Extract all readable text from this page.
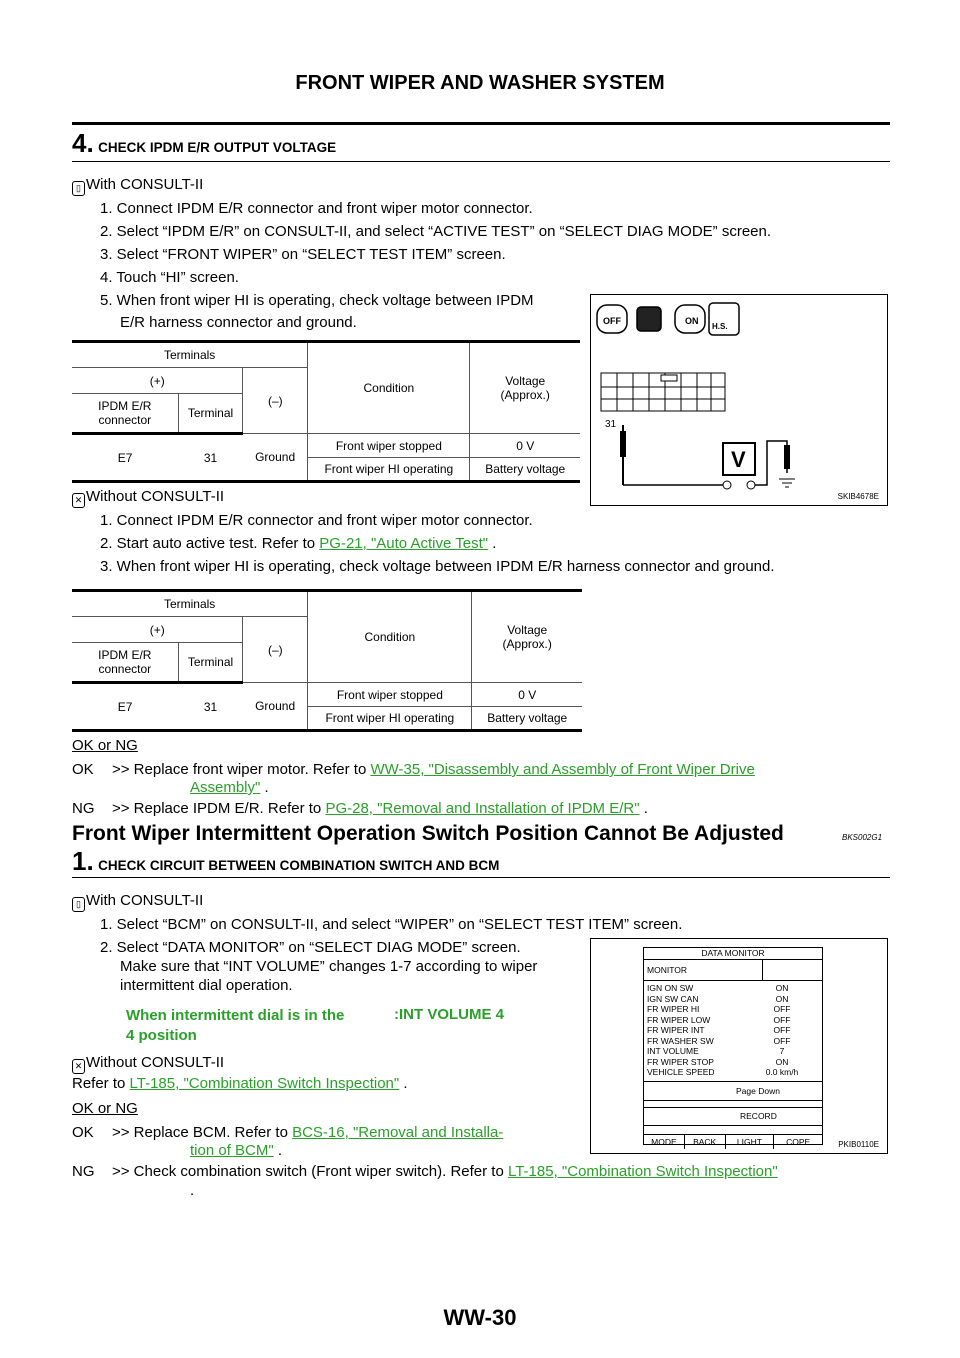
FRONT WIPER AND WASHER SYSTEM
4. CHECK IPDM E/R OUTPUT VOLTAGE
▯ With CONSULT-II
1. Connect IPDM E/R connector and front wiper motor connector.
2. Select “IPDM E/R” on CONSULT-II, and select “ACTIVE TEST” on “SELECT DIAG MODE” screen.
3. Select “FRONT WIPER” on “SELECT TEST ITEM” screen.
4. Touch “HI” screen.
5. When front wiper HI is operating, check voltage between IPDM
E/R harness connector and ground.	OFF	ON
H.S.
V
31
SKIB4678E
Terminals			Condition	Voltage
(Approx.)
(+)		(–)		
IPDM E/R
connector	Terminal			
E7	31	Ground	Front wiper stopped	0 V
			Front wiper HI operating	Battery voltage
✕ Without CONSULT-II
1. Connect IPDM E/R connector and front wiper motor connector.
2. Start auto active test. Refer to PG-21, "Auto Active Test" .
3. When front wiper HI is operating, check voltage between IPDM E/R harness connector and ground.
Terminals			Condition	Voltage
(Approx.)
(+)		(–)		
IPDM E/R
connector	Terminal			
E7	31	Ground	Front wiper stopped	0 V
			Front wiper HI operating	Battery voltage
OK or NG
OK >> Replace front wiper motor. Refer to WW-35, "Disassembly and Assembly of Front Wiper Drive
Assembly" .
NG >> Replace IPDM E/R. Refer to PG-28, "Removal and Installation of IPDM E/R" .
Front Wiper Intermittent Operation Switch Position Cannot Be Adjusted	BKS002G1
1. CHECK CIRCUIT BETWEEN COMBINATION SWITCH AND BCM
▯ With CONSULT-II
1. Select “BCM” on CONSULT-II, and select “WIPER” on “SELECT TEST ITEM” screen.
2. Select “DATA MONITOR” on “SELECT DIAG MODE” screen.
Make sure that “INT VOLUME” changes 1-7 according to wiper
intermittent dial operation.
When intermittent dial is in the
4 position
:INT VOLUME 4
✕ Without CONSULT-II
Refer to LT-185, "Combination Switch Inspection" .
OK or NG
OK >> Replace BCM. Refer to BCS-16, "Removal and Installa-
tion of BCM" .
NG >> Check combination switch (Front wiper switch). Refer to LT-185, "Combination Switch Inspection"
.
DATA MONITOR
MONITOR
IGN ON SW	ON
IGN SW CAN	ON
FR WIPER HI	OFF
FR WIPER LOW	OFF
FR WIPER INT	OFF
FR WASHER SW	OFF
INT VOLUME	7
FR WIPER STOP	ON
VEHICLE SPEED	0.0 km/h
Page Down
RECORD
MODE	BACK	LIGHT	COPE	PKIB0110E
WW-30
